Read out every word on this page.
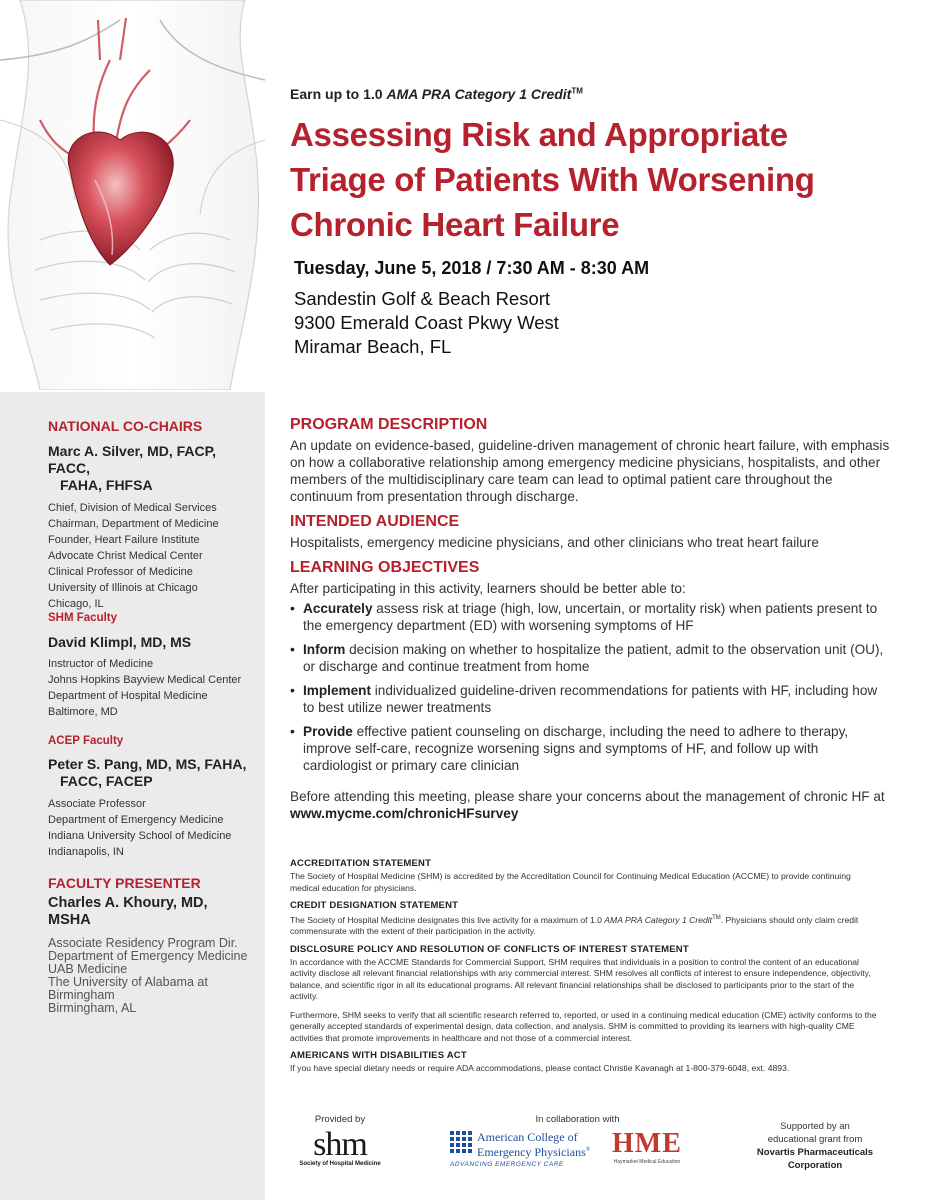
NATIONAL CO-CHAIRS

Marc A. Silver, MD, FACP, FACC,
FAHA, FHFSA

Chief, Division of Medical Services

Chairman, Department of Medicine

Founder, Heart Failure Institute

Advocate Christ Medical Center

Clinical Professor of Medicine

University of Illinois at Chicago

Chicago, IL

SHM Faculty

David Klimpl, MD, MS

Instructor of Medicine

Johns Hopkins Bayview Medical Center

Department of Hospital Medicine

Baltimore, MD

ACEP Faculty

Peter S. Pang, MD, MS, FAHA,
FACC, FACEP

Associate Professor

Department of Emergency Medicine

Indiana University School of Medicine

Indianapolis, IN

FACULTY PRESENTER

Charles A. Khoury, MD,
MSHA

Associate Residency Program Dir.

Department of Emergency Medicine

UAB Medicine

The University of Alabama at

Birmingham

Birmingham, AL

Earn up to 1.0 AMA PRA Category 1 Credit™
Assessing Risk and Appropriate
Triage of Patients With Worsening
Chronic Heart Failure
Tuesday, June 5, 2018 / 7:30 AM - 8:30 AM
Sandestin Golf & Beach Resort
9300 Emerald Coast Pkwy West
Miramar Beach, FL

PROGRAM DESCRIPTION

An update on evidence-based, guideline-driven management of chronic heart failure, with emphasis on how a collaborative relationship among emergency medicine physicians, hospitalists, and other members of the multidisciplinary care team can lead to optimal patient care throughout the continuum from presentation through discharge.

INTENDED AUDIENCE

Hospitalists, emergency medicine physicians, and other clinicians who treat heart failure

LEARNING OBJECTIVES

After participating in this activity, learners should be better able to:

• Accurately assess risk at triage (high, low, uncertain, or mortality risk) when patients present to the emergency department (ED) with worsening symptoms of HF
• Inform decision making on whether to hospitalize the patient, admit to the observation unit (OU), or discharge and continue treatment from home
• Implement individualized guideline-driven recommendations for patients with HF, including how to best utilize newer treatments
• Provide effective patient counseling on discharge, including the need to adhere to therapy, improve self-care, recognize worsening signs and symptoms of HF, and follow up with cardiologist or primary care clinician

Before attending this meeting, please share your concerns about the management of chronic HF at www.mycme.com/chronicHFsurvey

ACCREDITATION STATEMENT

The Society of Hospital Medicine (SHM) is accredited by the Accreditation Council for Continuing Medical Education (ACCME) to provide continuing medical education for physicians.

CREDIT DESIGNATION STATEMENT

The Society of Hospital Medicine designates this live activity for a maximum of 1.0 AMA PRA Category 1 Credit™. Physicians should only claim credit commensurate with the extent of their participation in the activity.

DISCLOSURE POLICY AND RESOLUTION OF CONFLICTS OF INTEREST STATEMENT

In accordance with the ACCME Standards for Commercial Support, SHM requires that individuals in a position to control the content of an educational activity disclose all relevant financial relationships with any commercial interest. SHM resolves all conflicts of interest to ensure independence, objectivity, balance, and scientific rigor in all its educational programs. All relevant financial relationships shall be disclosed to participants prior to the start of the activity.

Furthermore, SHM seeks to verify that all scientific research referred to, reported, or used in a continuing medical education (CME) activity conforms to the generally accepted standards of experimental design, data collection, and analysis. SHM is committed to providing its learners with high-quality CME activities that promote improvements in healthcare and not those of a commercial interest.

AMERICANS WITH DISABILITIES ACT

If you have special dietary needs or require ADA accommodations, please contact Christie Kavanagh at 1-800-379-6048, ext. 4893.

Provided by
shm
Society of Hospital Medicine
In collaboration with
American College of
Emergency Physicians®
ADVANCING EMERGENCY CARE
HME
Haymarket Medical Education
Supported by an
educational grant from
Novartis Pharmaceuticals
Corporation
